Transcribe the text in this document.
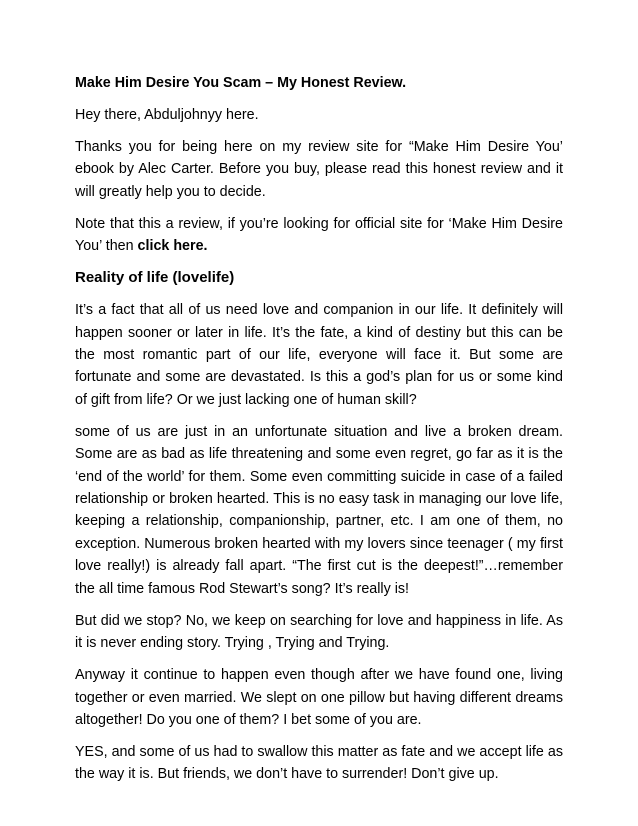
Make Him Desire You Scam – My Honest Review.

Hey there, Abduljohnyy here.

Thanks you for being here on my review site for “Make Him Desire You’ ebook by Alec Carter. Before you buy, please read this honest review and it will greatly help you to decide.

Note that this a review, if you’re looking for official site for ‘Make Him Desire You’ then click here.

Reality of life (lovelife)

It’s a fact that all of us need love and companion in our life. It definitely will happen sooner or later in life. It’s the fate, a kind of destiny but this can be the most romantic part of our life, everyone will face it. But some are fortunate and some are devastated. Is this a god’s plan for us or some kind of gift from life? Or we just lacking one of human skill?

some of us are just in an unfortunate situation and live a broken dream. Some are as bad as life threatening and some even regret, go far as it is the ‘end of the world’ for them. Some even committing suicide in case of a failed relationship or broken hearted. This is no easy task in managing our love life, keeping a relationship, companionship, partner, etc. I am one of them, no exception. Numerous broken hearted with my lovers since teenager ( my first love really!) is already fall apart. “The first cut is the deepest!”…remember the all time famous Rod Stewart’s song? It’s really is!

But did we stop? No, we keep on searching for love and happiness in life. As it is never ending story. Trying , Trying and Trying.

Anyway it continue to happen even though after we have found one, living together or even married. We slept on one pillow but having different dreams altogether! Do you one of them? I bet some of you are.

YES, and some of us had to swallow this matter as fate and we accept life as the way it is. But friends, we don’t have to surrender! Don’t give up.
